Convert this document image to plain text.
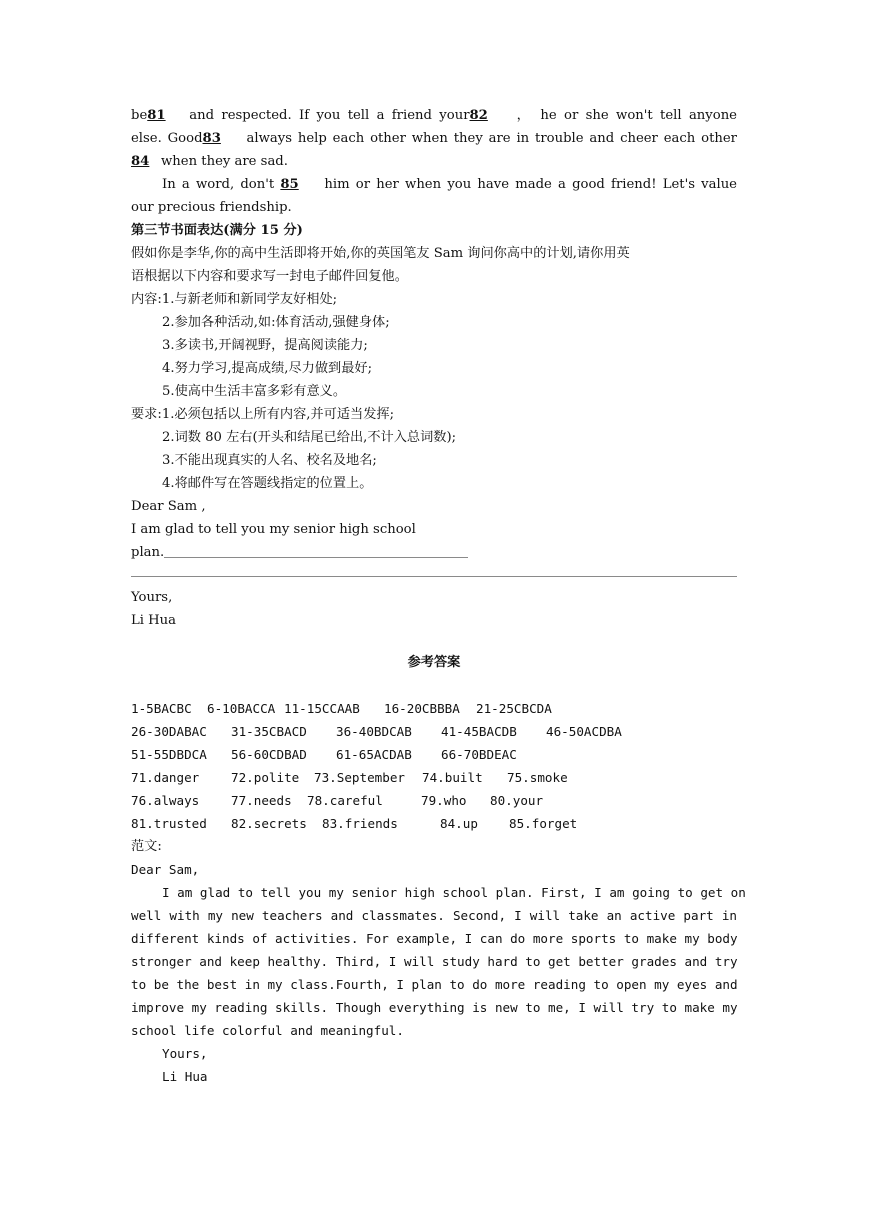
be81 and respected. If you tell a friend your82 ， he or she won't tell anyone
else. Good83 always help each other when they are in trouble and cheer each other
84 when they are sad.
In a word, don't 85 him or her when you have made a good friend! Let's value
our precious friendship.
第三节书面表达(满分 15 分)
假如你是李华,你的高中生活即将开始,你的英国笔友 Sam 询问你高中的计划,请你用英
语根据以下内容和要求写一封电子邮件回复他。
内容:1.与新老师和新同学友好相处;
2.参加各种活动,如:体育活动,强健身体;
3.多读书,开阔视野，提高阅读能力;
4.努力学习,提高成绩,尽力做到最好;
5.使高中生活丰富多彩有意义。
要求:1.必须包括以上所有内容,并可适当发挥;
2.词数 80 左右(开头和结尾已给出,不计入总词数);
3.不能出现真实的人名、校名及地名;
4.将邮件写在答题线指定的位置上。
Dear Sam ,
I am glad to tell you my senior high school
plan.
Yours,
Li Hua
参考答案
1-5BACBC 6-10BACCA 11-15CCAAB 16-20CBBBA 21-25CBCDA
26-30DABAC 31-35CBACD 36-40BDCAB 41-45BACDB 46-50ACDBA
51-55DBDCA 56-60CDBAD 61-65ACDAB 66-70BDEAC
71.danger	72.polite 73.September 74.built 75.smoke
76.always	77.needs 78.careful	79.who 80.your
81.trusted 82.secrets 83.friends	84.up 85.forget
范文:
Dear Sam,
I am glad to tell you my senior high school plan. First, I am going to get on
well with my new teachers and classmates. Second, I will take an active part in
different kinds of activities. For example, I can do more sports to make my body
stronger and keep healthy. Third, I will study hard to get better grades and try
to be the best in my class.Fourth, I plan to do more reading to open my eyes and
improve my reading skills. Though everything is new to me, I will try to make my
school life colorful and meaningful.
Yours,
Li Hua
